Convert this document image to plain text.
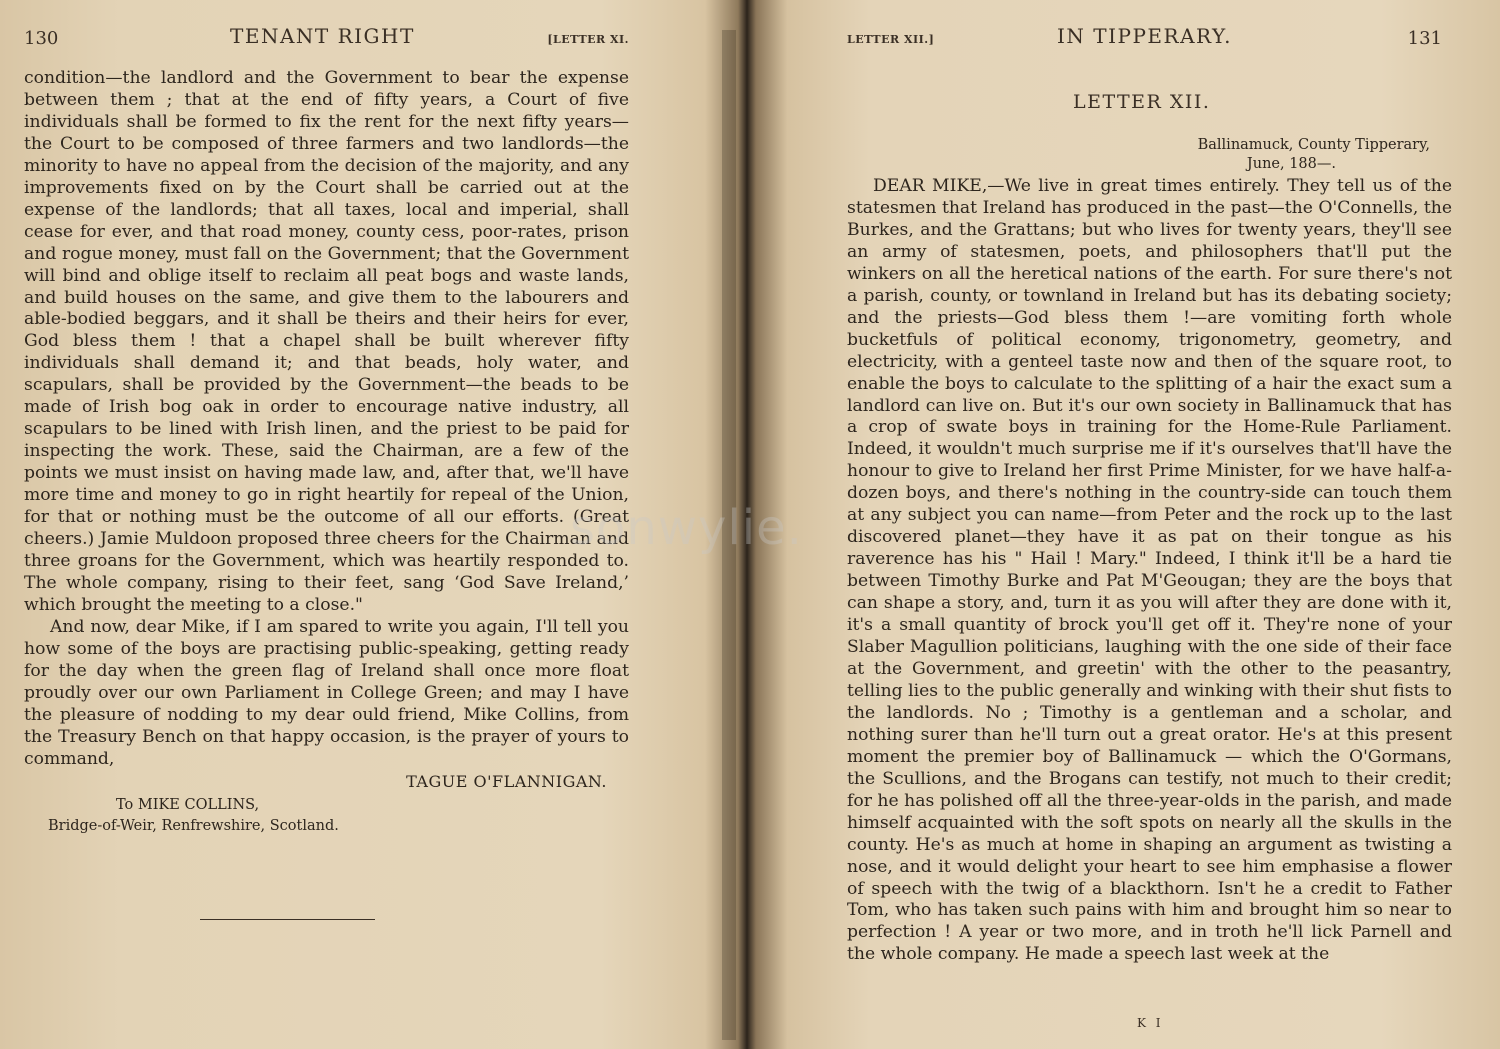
130	TENANT RIGHT	[LETTER XI.

condition—the landlord and the Government to bear the expense between them ; that at the end of fifty years, a Court of five individuals shall be formed to fix the rent for the next fifty years—the Court to be composed of three farmers and two landlords—the minority to have no appeal from the decision of the majority, and any improvements fixed on by the Court shall be carried out at the expense of the landlords; that all taxes, local and imperial, shall cease for ever, and that road money, county cess, poor-rates, prison and rogue money, must fall on the Government; that the Government will bind and oblige itself to reclaim all peat bogs and waste lands, and build houses on the same, and give them to the labourers and able-bodied beggars, and it shall be theirs and their heirs for ever, God bless them ! that a chapel shall be built wherever fifty individuals shall demand it; and that beads, holy water, and scapulars, shall be provided by the Government—the beads to be made of Irish bog oak in order to encourage native industry, all scapulars to be lined with Irish linen, and the priest to be paid for inspecting the work. These, said the Chairman, are a few of the points we must insist on having made law, and, after that, we'll have more time and money to go in right heartily for repeal of the Union, for that or nothing must be the outcome of all our efforts. (Great cheers.) Jamie Muldoon proposed three cheers for the Chairman and three groans for the Government, which was heartily responded to. The whole company, rising to their feet, sang ‘God Save Ireland,’ which brought the meeting to a close."

And now, dear Mike, if I am spared to write you again, I'll tell you how some of the boys are practising public-speaking, getting ready for the day when the green flag of Ireland shall once more float proudly over our own Parliament in College Green; and may I have the pleasure of nodding to my dear ould friend, Mike Collins, from the Treasury Bench on that happy occasion, is the prayer of yours to command,

TAGUE O'FLANNIGAN.
To MIKE COLLINS,
Bridge-of-Weir, Renfrewshire, Scotland.
sonwylie.
LETTER XII.]	IN TIPPERARY.	131
LETTER XII.
Ballinamuck, County Tipperary,
June, 188—.

DEAR MIKE,—We live in great times entirely. They tell us of the statesmen that Ireland has produced in the past—the O'Connells, the Burkes, and the Grattans; but who lives for twenty years, they'll see an army of statesmen, poets, and philosophers that'll put the winkers on all the heretical nations of the earth. For sure there's not a parish, county, or townland in Ireland but has its debating society; and the priests—God bless them !—are vomiting forth whole bucketfuls of political economy, trigonometry, geometry, and electricity, with a genteel taste now and then of the square root, to enable the boys to calculate to the splitting of a hair the exact sum a landlord can live on. But it's our own society in Ballinamuck that has a crop of swate boys in training for the Home-Rule Parliament. Indeed, it wouldn't much surprise me if it's ourselves that'll have the honour to give to Ireland her first Prime Minister, for we have half-a-dozen boys, and there's nothing in the country-side can touch them at any subject you can name—from Peter and the rock up to the last discovered planet—they have it as pat on their tongue as his raverence has his " Hail ! Mary." Indeed, I think it'll be a hard tie between Timothy Burke and Pat M'Geougan; they are the boys that can shape a story, and, turn it as you will after they are done with it, it's a small quantity of brock you'll get off it. They're none of your Slaber Magullion politicians, laughing with the one side of their face at the Government, and greetin' with the other to the peasantry, telling lies to the public generally and winking with their shut fists to the landlords. No ; Timothy is a gentleman and a scholar, and nothing surer than he'll turn out a great orator. He's at this present moment the premier boy of Ballinamuck — which the O'Gormans, the Scullions, and the Brogans can testify, not much to their credit; for he has polished off all the three-year-olds in the parish, and made himself acquainted with the soft spots on nearly all the skulls in the county. He's as much at home in shaping an argument as twisting a nose, and it would delight your heart to see him emphasise a flower of speech with the twig of a blackthorn. Isn't he a credit to Father Tom, who has taken such pains with him and brought him so near to perfection ! A year or two more, and in troth he'll lick Parnell and the whole company. He made a speech last week at the

K I
